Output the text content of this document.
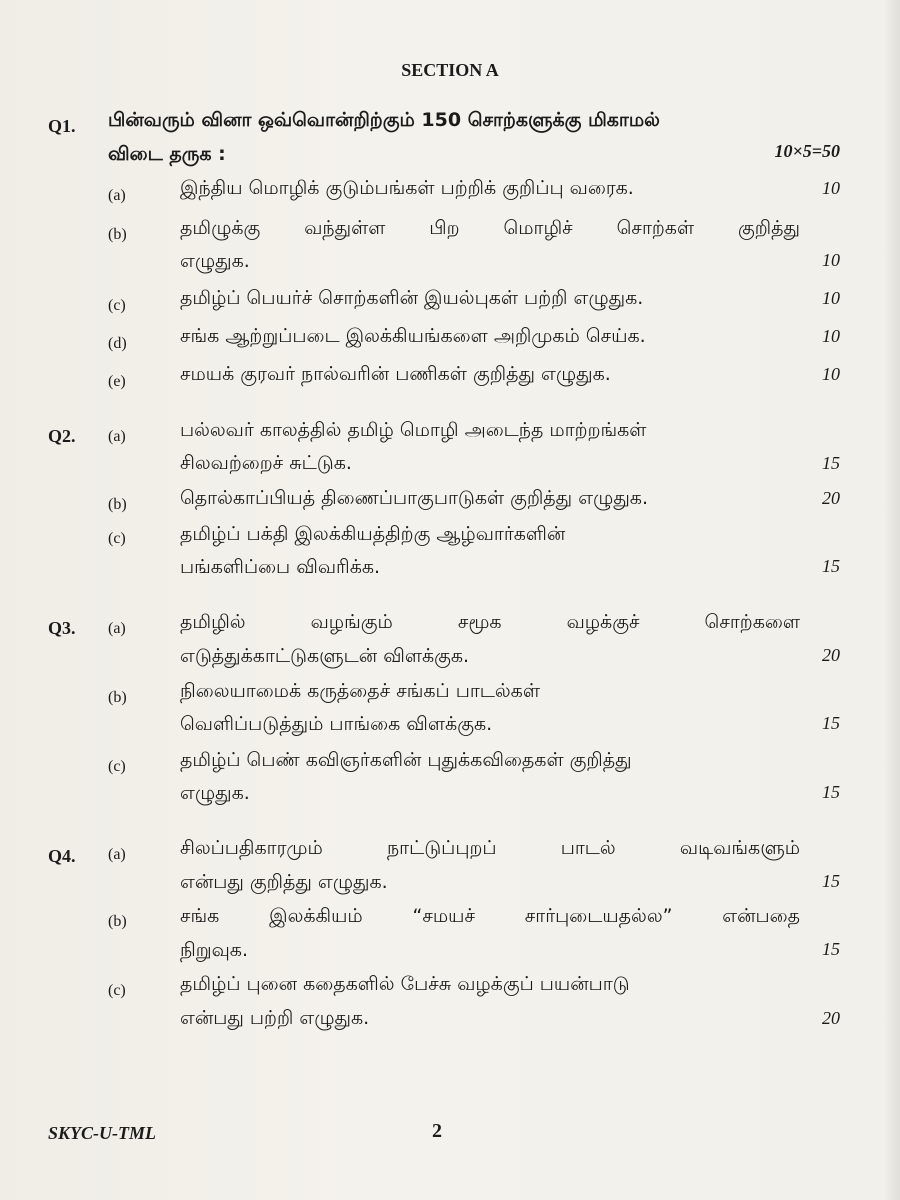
SECTION A
Q1. பின்வரும் வினா ஒவ்வொன்றிற்கும் 150 சொற்களுக்கு மிகாமல்
விடை தருக :	10×5=50
(a)	இந்திய மொழிக் குடும்பங்கள் பற்றிக் குறிப்பு வரைக.	10
(b)	தமிழுக்கு வந்துள்ள பிற மொழிச் சொற்கள் குறித்து
எழுதுக.	10
(c)	தமிழ்ப் பெயர்ச் சொற்களின் இயல்புகள் பற்றி எழுதுக.	10
(d)	சங்க ஆற்றுப்படை இலக்கியங்களை அறிமுகம் செய்க.	10
(e)	சமயக் குரவர் நால்வரின் பணிகள் குறித்து எழுதுக.	10
Q2. (a)	பல்லவர் காலத்தில் தமிழ் மொழி அடைந்த மாற்றங்கள்
சிலவற்றைச் சுட்டுக.	15
(b)	தொல்காப்பியத் திணைப்பாகுபாடுகள் குறித்து எழுதுக.	20
(c)	தமிழ்ப் பக்தி இலக்கியத்திற்கு ஆழ்வார்களின்
பங்களிப்பை விவரிக்க.	15
Q3. (a)	தமிழில் வழங்கும் சமூக வழக்குச் சொற்களை
எடுத்துக்காட்டுகளுடன் விளக்குக.	20
(b)	நிலையாமைக் கருத்தைச் சங்கப் பாடல்கள்
வெளிப்படுத்தும் பாங்கை விளக்குக.	15
(c)	தமிழ்ப் பெண் கவிஞர்களின் புதுக்கவிதைகள் குறித்து
எழுதுக.	15
Q4. (a)	சிலப்பதிகாரமும் நாட்டுப்புறப் பாடல் வடிவங்களும்
என்பது குறித்து எழுதுக.	15
(b)	சங்க இலக்கியம் “சமயச் சார்புடையதல்ல” என்பதை
நிறுவுக.	15
(c)	தமிழ்ப் புனை கதைகளில் பேச்சு வழக்குப் பயன்பாடு
என்பது பற்றி எழுதுக.	20
SKYC-U-TML	2
